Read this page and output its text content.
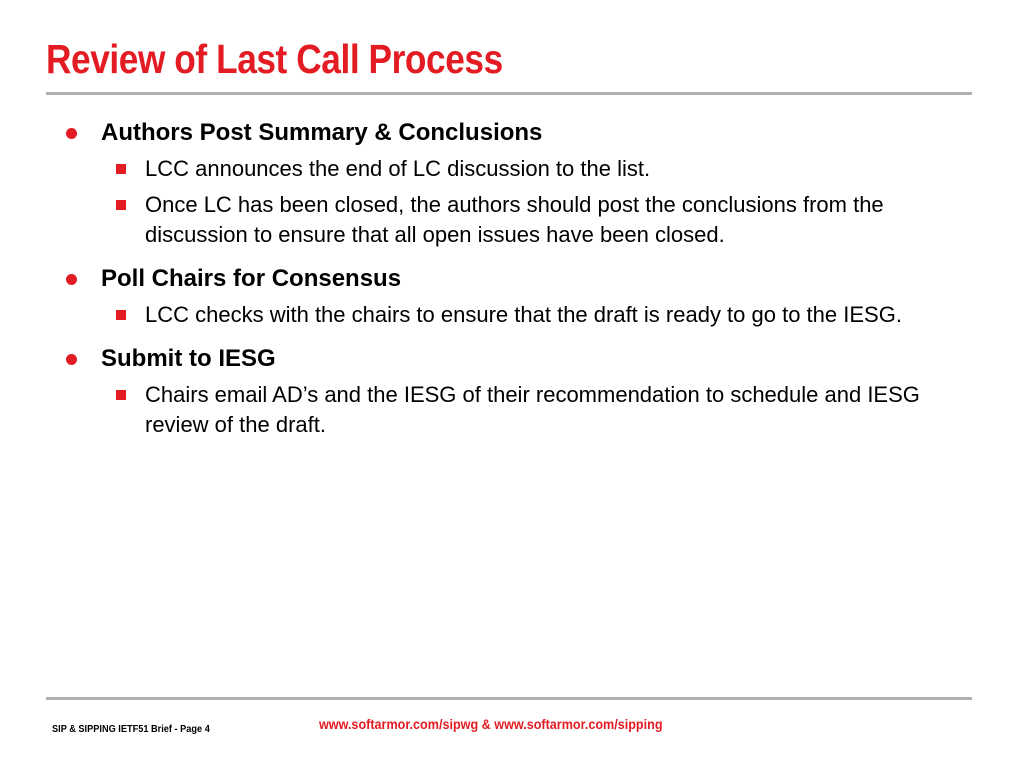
Review of Last Call Process
Authors Post Summary & Conclusions
LCC announces the end of LC discussion to the list.
Once LC has been closed, the authors should post the conclusions from the discussion to ensure that all open issues have been closed.
Poll Chairs for Consensus
LCC checks with the chairs to ensure that the draft is ready to go to the IESG.
Submit to IESG
Chairs email AD’s and the IESG of their recommendation to schedule and IESG review of the draft.
SIP & SIPPING IETF51 Brief - Page 4	www.softarmor.com/sipwg & www.softarmor.com/sipping
